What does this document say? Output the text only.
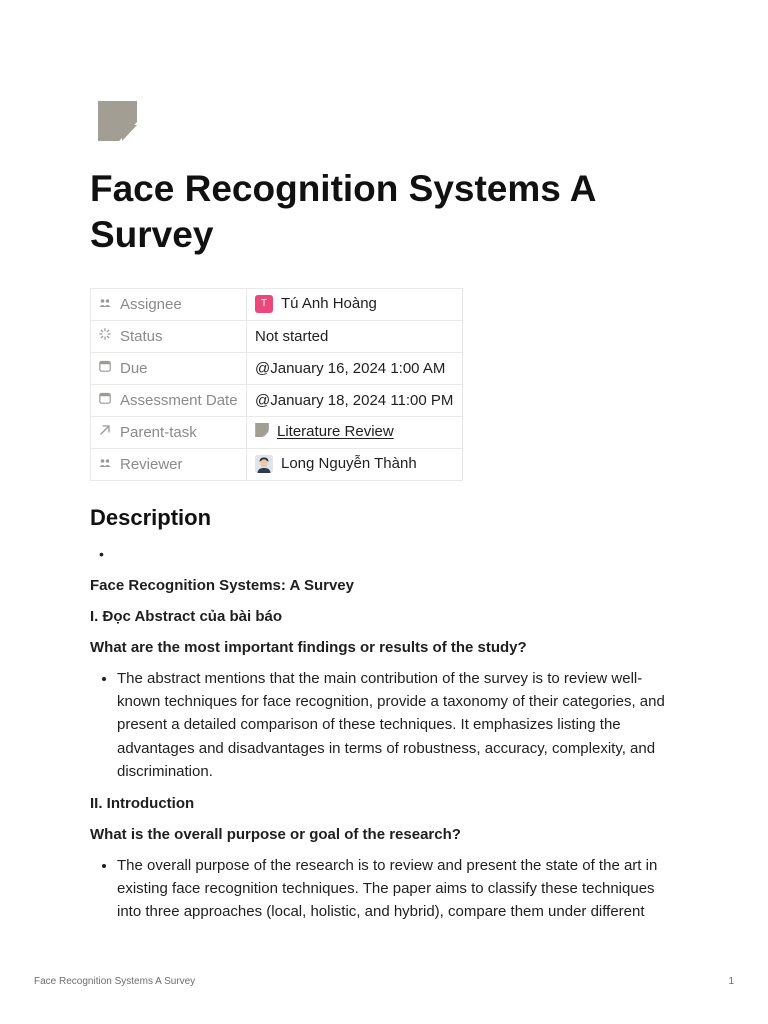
Face Recognition Systems A Survey
Assignee	T Tú Anh Hoàng
Status	Not started
Due	@January 16, 2024 1:00 AM
Assessment Date	@January 18, 2024 11:00 PM
Parent-task	Literature Review
Reviewer	Long Nguyễn Thành
Description
•

Face Recognition Systems: A Survey

I. Đọc Abstract của bài báo

What are the most important findings or results of the study?

• The abstract mentions that the main contribution of the survey is to review well-known techniques for face recognition, provide a taxonomy of their categories, and present a detailed comparison of these techniques. It emphasizes listing the advantages and disadvantages in terms of robustness, accuracy, complexity, and discrimination.

II. Introduction

What is the overall purpose or goal of the research?

• The overall purpose of the research is to review and present the state of the art in existing face recognition techniques. The paper aims to classify these techniques into three approaches (local, holistic, and hybrid), compare them under different
Face Recognition Systems A Survey	1
